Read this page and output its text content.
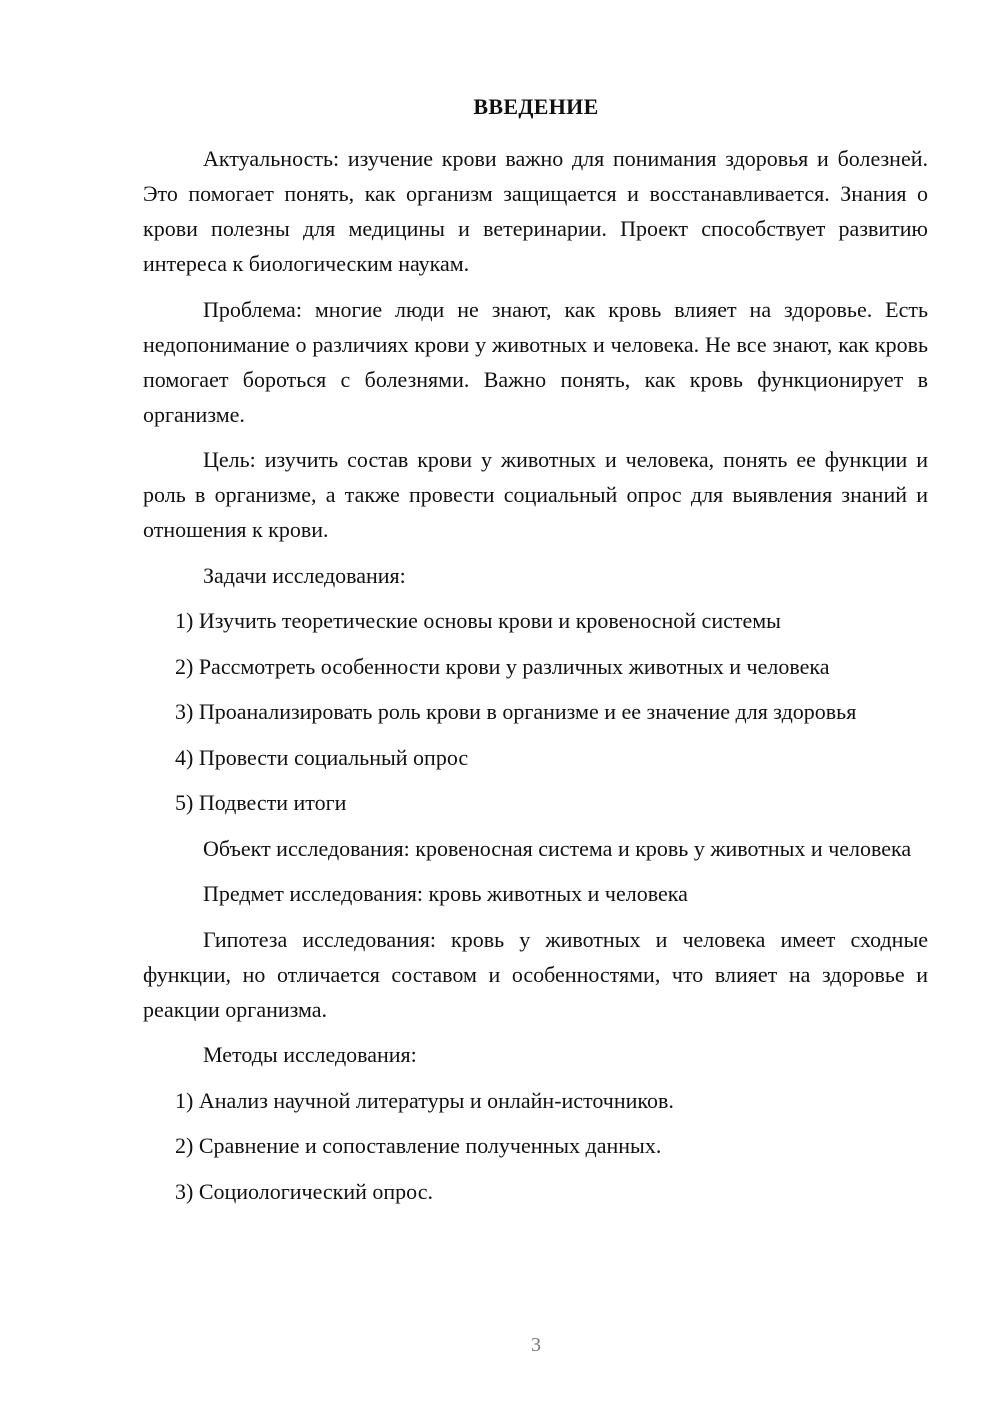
ВВЕДЕНИЕ

Актуальность: изучение крови важно для понимания здоровья и болезней. Это помогает понять, как организм защищается и восстанавливается. Знания о крови полезны для медицины и ветеринарии. Проект способствует развитию интереса к биологическим наукам.

Проблема: многие люди не знают, как кровь влияет на здоровье. Есть недопонимание о различиях крови у животных и человека. Не все знают, как кровь помогает бороться с болезнями. Важно понять, как кровь функционирует в организме.

Цель: изучить состав крови у животных и человека, понять ее функции и роль в организме, а также провести социальный опрос для выявления знаний и отношения к крови.

Задачи исследования:

1) Изучить теоретические основы крови и кровеносной системы

2) Рассмотреть особенности крови у различных животных и человека

3) Проанализировать роль крови в организме и ее значение для здоровья

4) Провести социальный опрос

5) Подвести итоги

Объект исследования: кровеносная система и кровь у животных и человека

Предмет исследования: кровь животных и человека

Гипотеза исследования: кровь у животных и человека имеет сходные функции, но отличается составом и особенностями, что влияет на здоровье и реакции организма.

Методы исследования:

1) Анализ научной литературы и онлайн-источников.

2) Сравнение и сопоставление полученных данных.

3) Социологический опрос.

3
